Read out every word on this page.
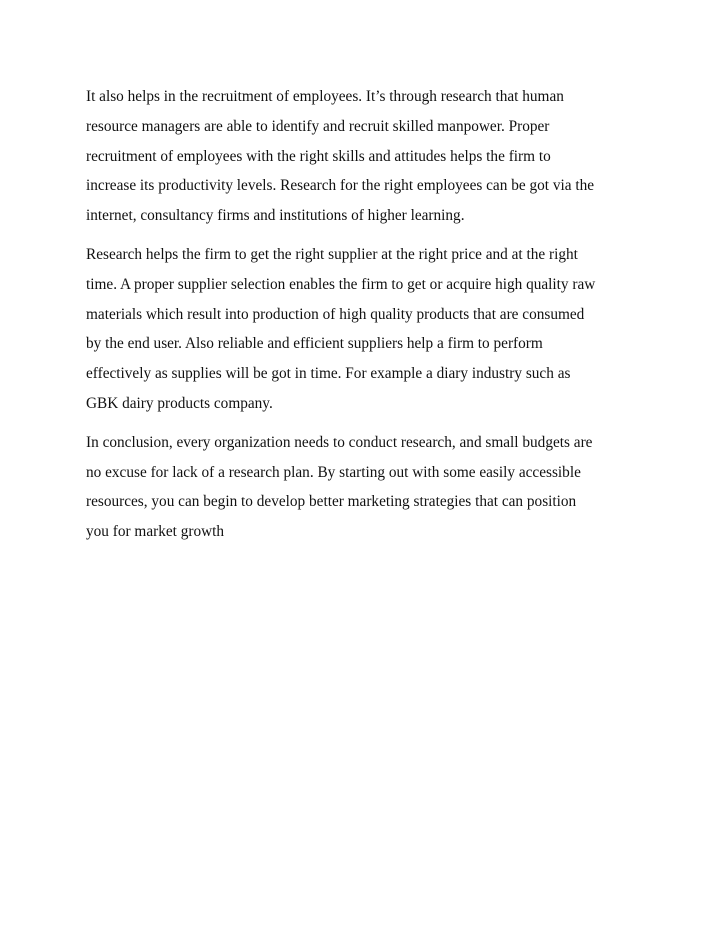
It also helps in the recruitment of employees. It’s through research that human
resource managers are able to identify and recruit skilled manpower. Proper
recruitment of employees with the right skills and attitudes helps the firm to
increase its productivity levels. Research for the right employees can be got via the
internet, consultancy firms and institutions of higher learning.

Research helps the firm to get the right supplier at the right price and at the right
time. A proper supplier selection enables the firm to get or acquire high quality raw
materials which result into production of high quality products that are consumed
by the end user. Also reliable and efficient suppliers help a firm to perform
effectively as supplies will be got in time. For example a diary industry such as
GBK dairy products company.

In conclusion, every organization needs to conduct research, and small budgets are
no excuse for lack of a research plan. By starting out with some easily accessible
resources, you can begin to develop better marketing strategies that can position
you for market growth
